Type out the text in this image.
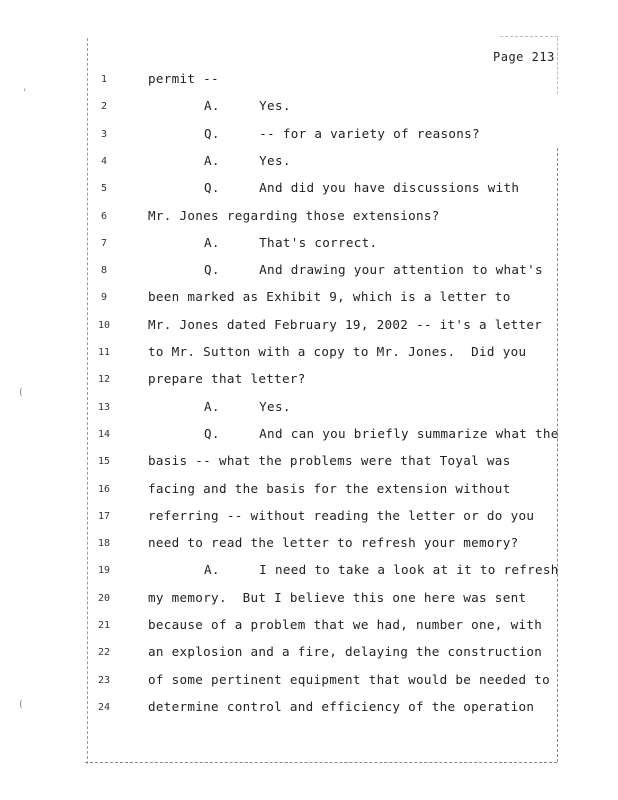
Page 213
'
(
(
1	permit --
2	A.     Yes.
3	Q.     -- for a variety of reasons?
4	A.     Yes.
5	Q.     And did you have discussions with
6	Mr. Jones regarding those extensions?
7	A.     That's correct.
8	Q.     And drawing your attention to what's
9	been marked as Exhibit 9, which is a letter to
10	Mr. Jones dated February 19, 2002 -- it's a letter
11	to Mr. Sutton with a copy to Mr. Jones.  Did you
12	prepare that letter?
13	A.     Yes.
14	Q.     And can you briefly summarize what the
15	basis -- what the problems were that Toyal was
16	facing and the basis for the extension without
17	referring -- without reading the letter or do you
18	need to read the letter to refresh your memory?
19	A.     I need to take a look at it to refresh
20	my memory.  But I believe this one here was sent
21	because of a problem that we had, number one, with
22	an explosion and a fire, delaying the construction
23	of some pertinent equipment that would be needed to
24	determine control and efficiency of the operation
